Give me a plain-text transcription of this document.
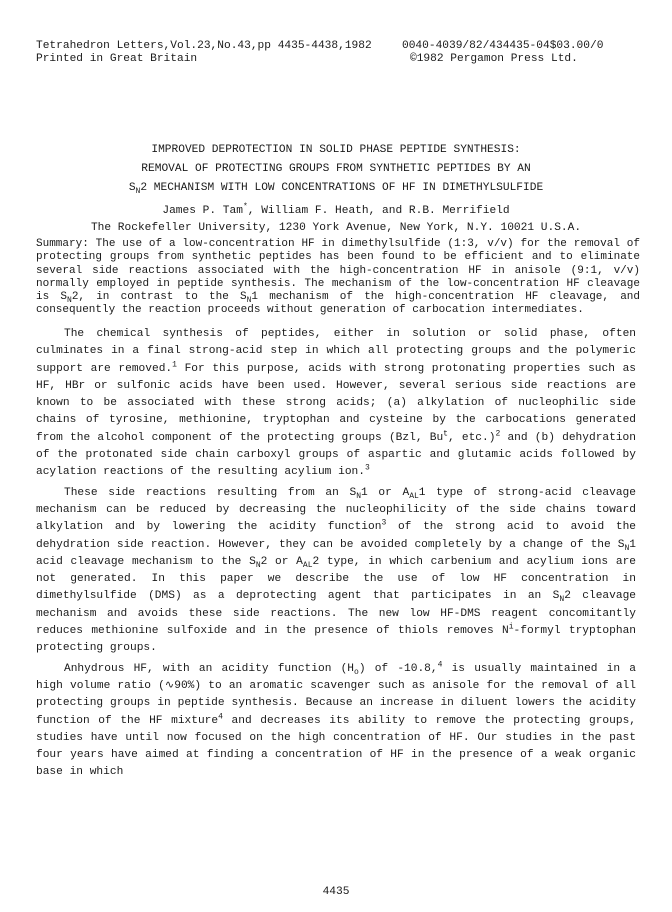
Tetrahedron Letters,Vol.23,No.43,pp 4435-4438,1982
Printed in Great Britain
0040-4039/82/434435-04$03.00/0
©1982 Pergamon Press Ltd.
IMPROVED DEPROTECTION IN SOLID PHASE PEPTIDE SYNTHESIS:
REMOVAL OF PROTECTING GROUPS FROM SYNTHETIC PEPTIDES BY AN
$S_N2$ MECHANISM WITH LOW CONCENTRATIONS OF HF IN DIMETHYLSULFIDE
James P. Tam*, William F. Heath, and R.B. Merrifield
The Rockefeller University, 1230 York Avenue, New York, N.Y. 10021 U.S.A.
Summary: The use of a low-concentration HF in dimethylsulfide (1:3, v/v) for the removal of protecting groups from synthetic peptides has been found to be efficient and to eliminate several side reactions associated with the high-concentration HF in anisole (9:1, v/v) normally employed in peptide synthesis. The mechanism of the low-concentration HF cleavage is $S_N2$, in contrast to the $S_N1$ mechanism of the high-concentration HF cleavage, and consequently the reaction proceeds without generation of carbocation intermediates.

The chemical synthesis of peptides, either in solution or solid phase, often culminates in a final strong-acid step in which all protecting groups and the polymeric support are removed.$^1$ For this purpose, acids with strong protonating properties such as HF, HBr or sulfonic acids have been used. However, several serious side reactions are known to be associated with these strong acids; (a) alkylation of nucleophilic side chains of tyrosine, methionine, tryptophan and cysteine by the carbocations generated from the alcohol component of the protecting groups (Bzl, Bu$^t$, etc.)$^2$ and (b) dehydration of the protonated side chain carboxyl groups of aspartic and glutamic acids followed by acylation reactions of the resulting acylium ion.$^3$

These side reactions resulting from an $S_N1$ or $A_{AL}1$ type of strong-acid cleavage mechanism can be reduced by decreasing the nucleophilicity of the side chains toward alkylation and by lowering the acidity function$^3$ of the strong acid to avoid the dehydration side reaction. However, they can be avoided completely by a change of the $S_N1$ acid cleavage mechanism to the $S_N2$ or $A_{AL}2$ type, in which carbenium and acylium ions are not generated. In this paper we describe the use of low HF concentration in dimethylsulfide (DMS) as a deprotecting agent that participates in an $S_N2$ cleavage mechanism and avoids these side reactions. The new low HF-DMS reagent concomitantly reduces methionine sulfoxide and in the presence of thiols removes $N^i$-formyl tryptophan protecting groups.

Anhydrous HF, with an acidity function $(H_o)$ of -10.8,$^4$ is usually maintained in a high volume ratio (∿90%) to an aromatic scavenger such as anisole for the removal of all protecting groups in peptide synthesis. Because an increase in diluent lowers the acidity function of the HF mixture$^4$ and decreases its ability to remove the protecting groups, studies have until now focused on the high concentration of HF. Our studies in the past four years have aimed at finding a concentration of HF in the presence of a weak organic base in which

4435
